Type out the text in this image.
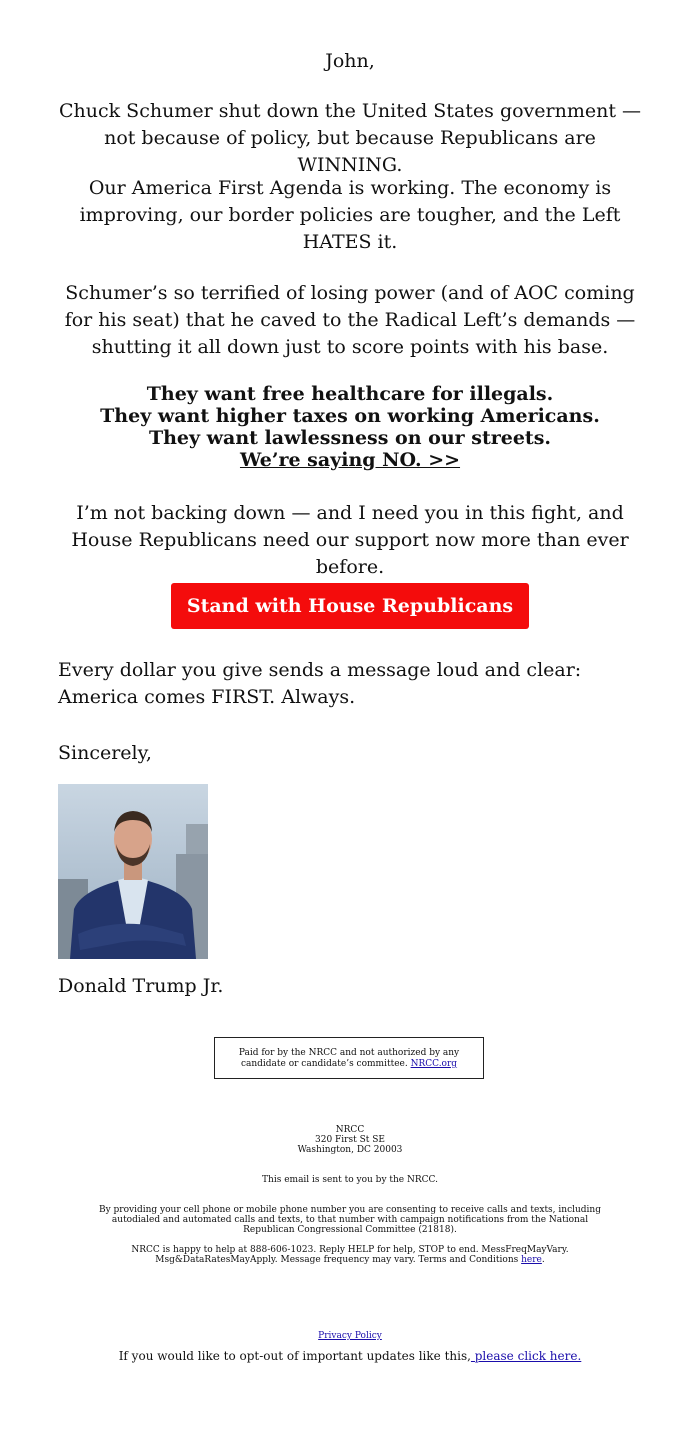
John,

Chuck Schumer shut down the United States government — not because of policy, but because Republicans are WINNING.

Our America First Agenda is working. The economy is improving, our border policies are tougher, and the Left HATES it.

Schumer’s so terrified of losing power (and of AOC coming for his seat) that he caved to the Radical Left’s demands — shutting it all down just to score points with his base.

They want free healthcare for illegals.
They want higher taxes on working Americans.
They want lawlessness on our streets.
We’re saying NO. >>

I’m not backing down — and I need you in this fight, and House Republicans need our support now more than ever before.

Stand with House Republicans

Every dollar you give sends a message loud and clear: America comes FIRST. Always.

Sincerely,

Donald Trump Jr.

Paid for by the NRCC and not authorized by any candidate or candidate’s committee. NRCC.org

NRCC

320 First St SE

Washington, DC 20003

This email is sent to you by the NRCC.

By providing your cell phone or mobile phone number you are consenting to receive calls and texts, including autodialed and automated calls and texts, to that number with campaign notifications from the National Republican Congressional Committee (21818).

NRCC is happy to help at 888-606-1023. Reply HELP for help, STOP to end. MessFreqMayVary. Msg&DataRatesMayApply. Message frequency may vary. Terms and Conditions here.

Privacy Policy

If you would like to opt-out of important updates like this, please click here.
